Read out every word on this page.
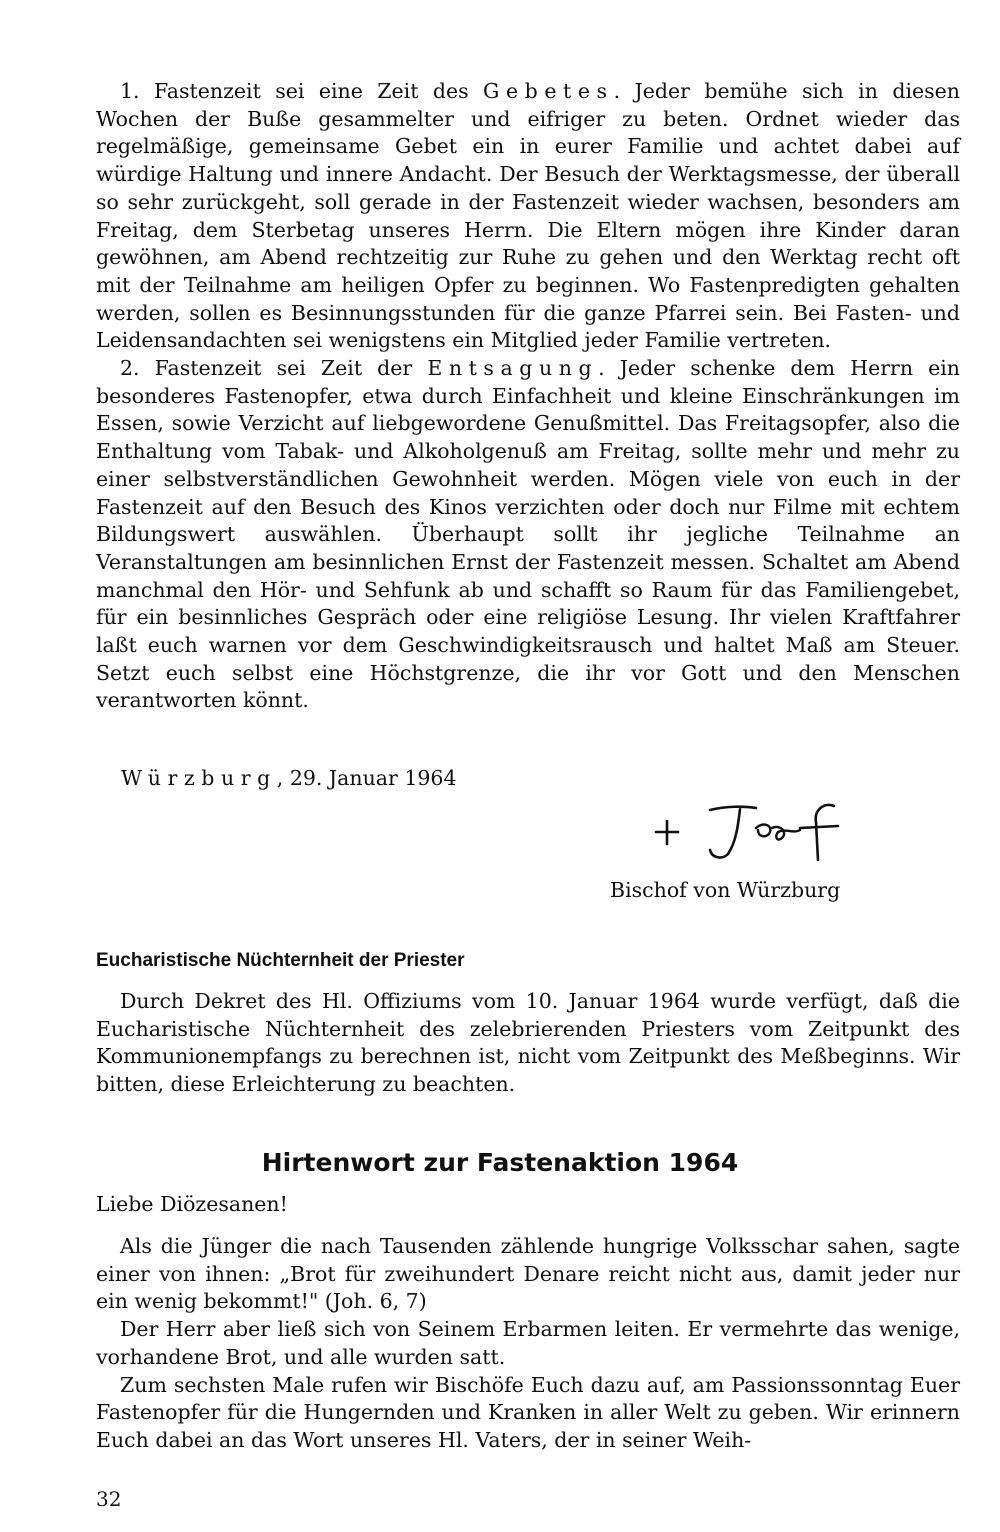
1. Fastenzeit sei eine Zeit des Gebetes. Jeder bemühe sich in diesen Wochen der Buße gesammelter und eifriger zu beten. Ordnet wieder das regelmäßige, gemeinsame Gebet ein in eurer Familie und achtet dabei auf würdige Haltung und innere Andacht. Der Besuch der Werktagsmesse, der überall so sehr zurückgeht, soll gerade in der Fastenzeit wieder wachsen, besonders am Freitag, dem Sterbetag unseres Herrn. Die Eltern mögen ihre Kinder daran gewöhnen, am Abend rechtzeitig zur Ruhe zu gehen und den Werktag recht oft mit der Teilnahme am heiligen Opfer zu beginnen. Wo Fastenpredigten gehalten werden, sollen es Besinnungsstunden für die ganze Pfarrei sein. Bei Fasten- und Leidensandachten sei wenigstens ein Mitglied jeder Familie vertreten.

2. Fastenzeit sei Zeit der Entsagung. Jeder schenke dem Herrn ein besonderes Fastenopfer, etwa durch Einfachheit und kleine Einschränkungen im Essen, sowie Verzicht auf liebgewordene Genußmittel. Das Freitagsopfer, also die Enthaltung vom Tabak- und Alkoholgenuß am Freitag, sollte mehr und mehr zu einer selbstverständlichen Gewohnheit werden. Mögen viele von euch in der Fastenzeit auf den Besuch des Kinos verzichten oder doch nur Filme mit echtem Bildungswert auswählen. Überhaupt sollt ihr jegliche Teilnahme an Veranstaltungen am besinnlichen Ernst der Fastenzeit messen. Schaltet am Abend manchmal den Hör- und Sehfunk ab und schafft so Raum für das Familiengebet, für ein besinnliches Gespräch oder eine religiöse Lesung. Ihr vielen Kraftfahrer laßt euch warnen vor dem Geschwindigkeitsrausch und haltet Maß am Steuer. Setzt euch selbst eine Höchstgrenze, die ihr vor Gott und den Menschen verantworten könnt.

Würzburg, 29. Januar 1964
Bischof von Würzburg
Eucharistische Nüchternheit der Priester

Durch Dekret des Hl. Offiziums vom 10. Januar 1964 wurde verfügt, daß die Eucharistische Nüchternheit des zelebrierenden Priesters vom Zeitpunkt des Kommunionempfangs zu berechnen ist, nicht vom Zeitpunkt des Meßbeginns. Wir bitten, diese Erleichterung zu beachten.

Hirtenwort zur Fastenaktion 1964
Liebe Diözesanen!

Als die Jünger die nach Tausenden zählende hungrige Volksschar sahen, sagte einer von ihnen: „Brot für zweihundert Denare reicht nicht aus, damit jeder nur ein wenig bekommt!" (Joh. 6, 7)

Der Herr aber ließ sich von Seinem Erbarmen leiten. Er vermehrte das wenige, vorhandene Brot, und alle wurden satt.

Zum sechsten Male rufen wir Bischöfe Euch dazu auf, am Passionssonntag Euer Fastenopfer für die Hungernden und Kranken in aller Welt zu geben. Wir erinnern Euch dabei an das Wort unseres Hl. Vaters, der in seiner Weih-

32
